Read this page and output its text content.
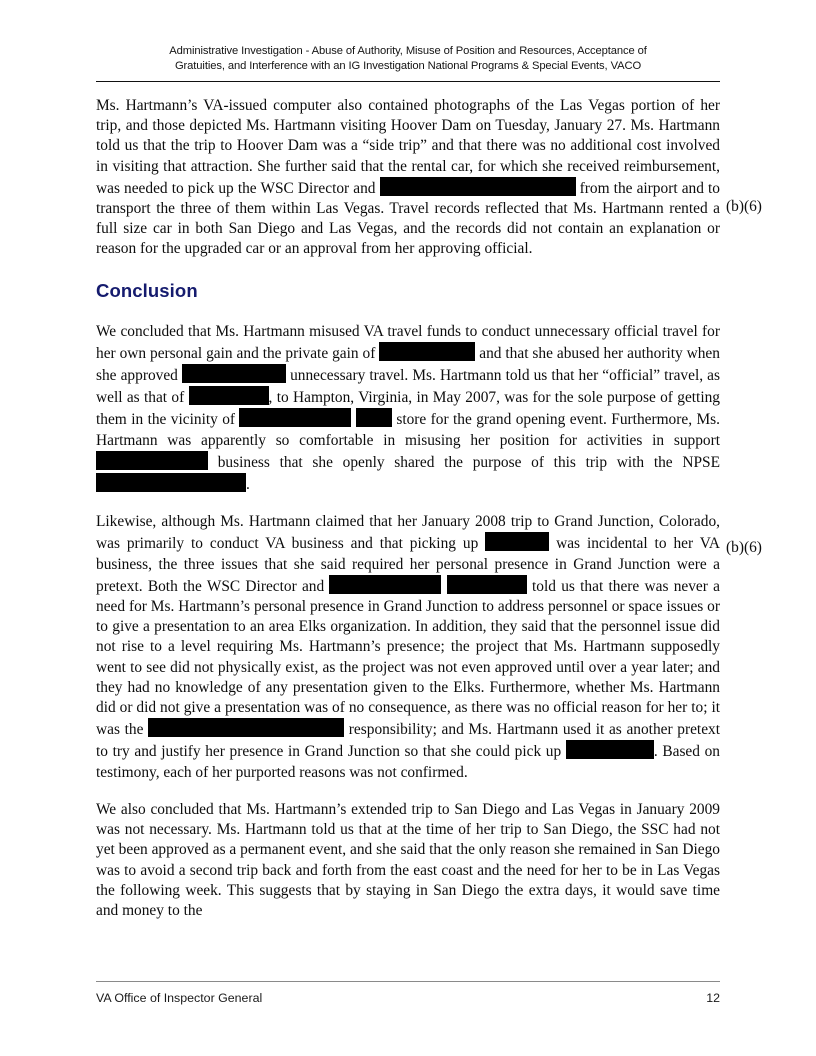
Administrative Investigation - Abuse of Authority, Misuse of Position and Resources, Acceptance of
Gratuities, and Interference with an IG Investigation National Programs & Special Events, VACO

Ms. Hartmann’s VA-issued computer also contained photographs of the Las Vegas portion of her trip, and those depicted Ms. Hartmann visiting Hoover Dam on Tuesday, January 27. Ms. Hartmann told us that the trip to Hoover Dam was a “side trip” and that there was no additional cost involved in visiting that attraction. She further said that the rental car, for which she received reimbursement, was needed to pick up the WSC Director and	from the airport and to transport the three of them within Las Vegas. Travel records reflected that Ms. Hartmann rented a full size car in both San Diego and Las Vegas, and the records did not contain an explanation or reason for the upgraded car or an approval from her approving official.

(b)(6)
Conclusion

We concluded that Ms. Hartmann misused VA travel funds to conduct unnecessary official travel for her own personal gain and the private gain of	and that she abused her authority when she approved	unnecessary travel. Ms. Hartmann told us that her “official” travel, as well as that of	, to Hampton, Virginia, in May 2007, was for the sole purpose of getting them in the vicinity of	store for the grand opening event. Furthermore, Ms. Hartmann was apparently so comfortable in misusing her position for activities in support  business that she openly shared the purpose of this trip with the NPSE .

Likewise, although Ms. Hartmann claimed that her January 2008 trip to Grand Junction, Colorado, was primarily to conduct VA business and that picking up	was incidental to her VA business, the three issues that she said required her personal presence in Grand Junction were a pretext. Both the WSC Director and	told us that there was never a need for Ms. Hartmann’s personal presence in Grand Junction to address personnel or space issues or to give a presentation to an area Elks organization. In addition, they said that the personnel issue did not rise to a level requiring Ms. Hartmann’s presence; the project that Ms. Hartmann supposedly went to see did not physically exist, as the project was not even approved until over a year later; and they had no knowledge of any presentation given to the Elks. Furthermore, whether Ms. Hartmann did or did not give a presentation was of no consequence, as there was no official reason for her to; it was the	responsibility; and Ms. Hartmann used it as another pretext to try and justify her presence in Grand Junction so that she could pick up	. Based on testimony, each of her purported reasons was not confirmed.

(b)(6)

We also concluded that Ms. Hartmann’s extended trip to San Diego and Las Vegas in January 2009 was not necessary. Ms. Hartmann told us that at the time of her trip to San Diego, the SSC had not yet been approved as a permanent event, and she said that the only reason she remained in San Diego was to avoid a second trip back and forth from the east coast and the need for her to be in Las Vegas the following week. This suggests that by staying in San Diego the extra days, it would save time and money to the

VA Office of Inspector General	12
